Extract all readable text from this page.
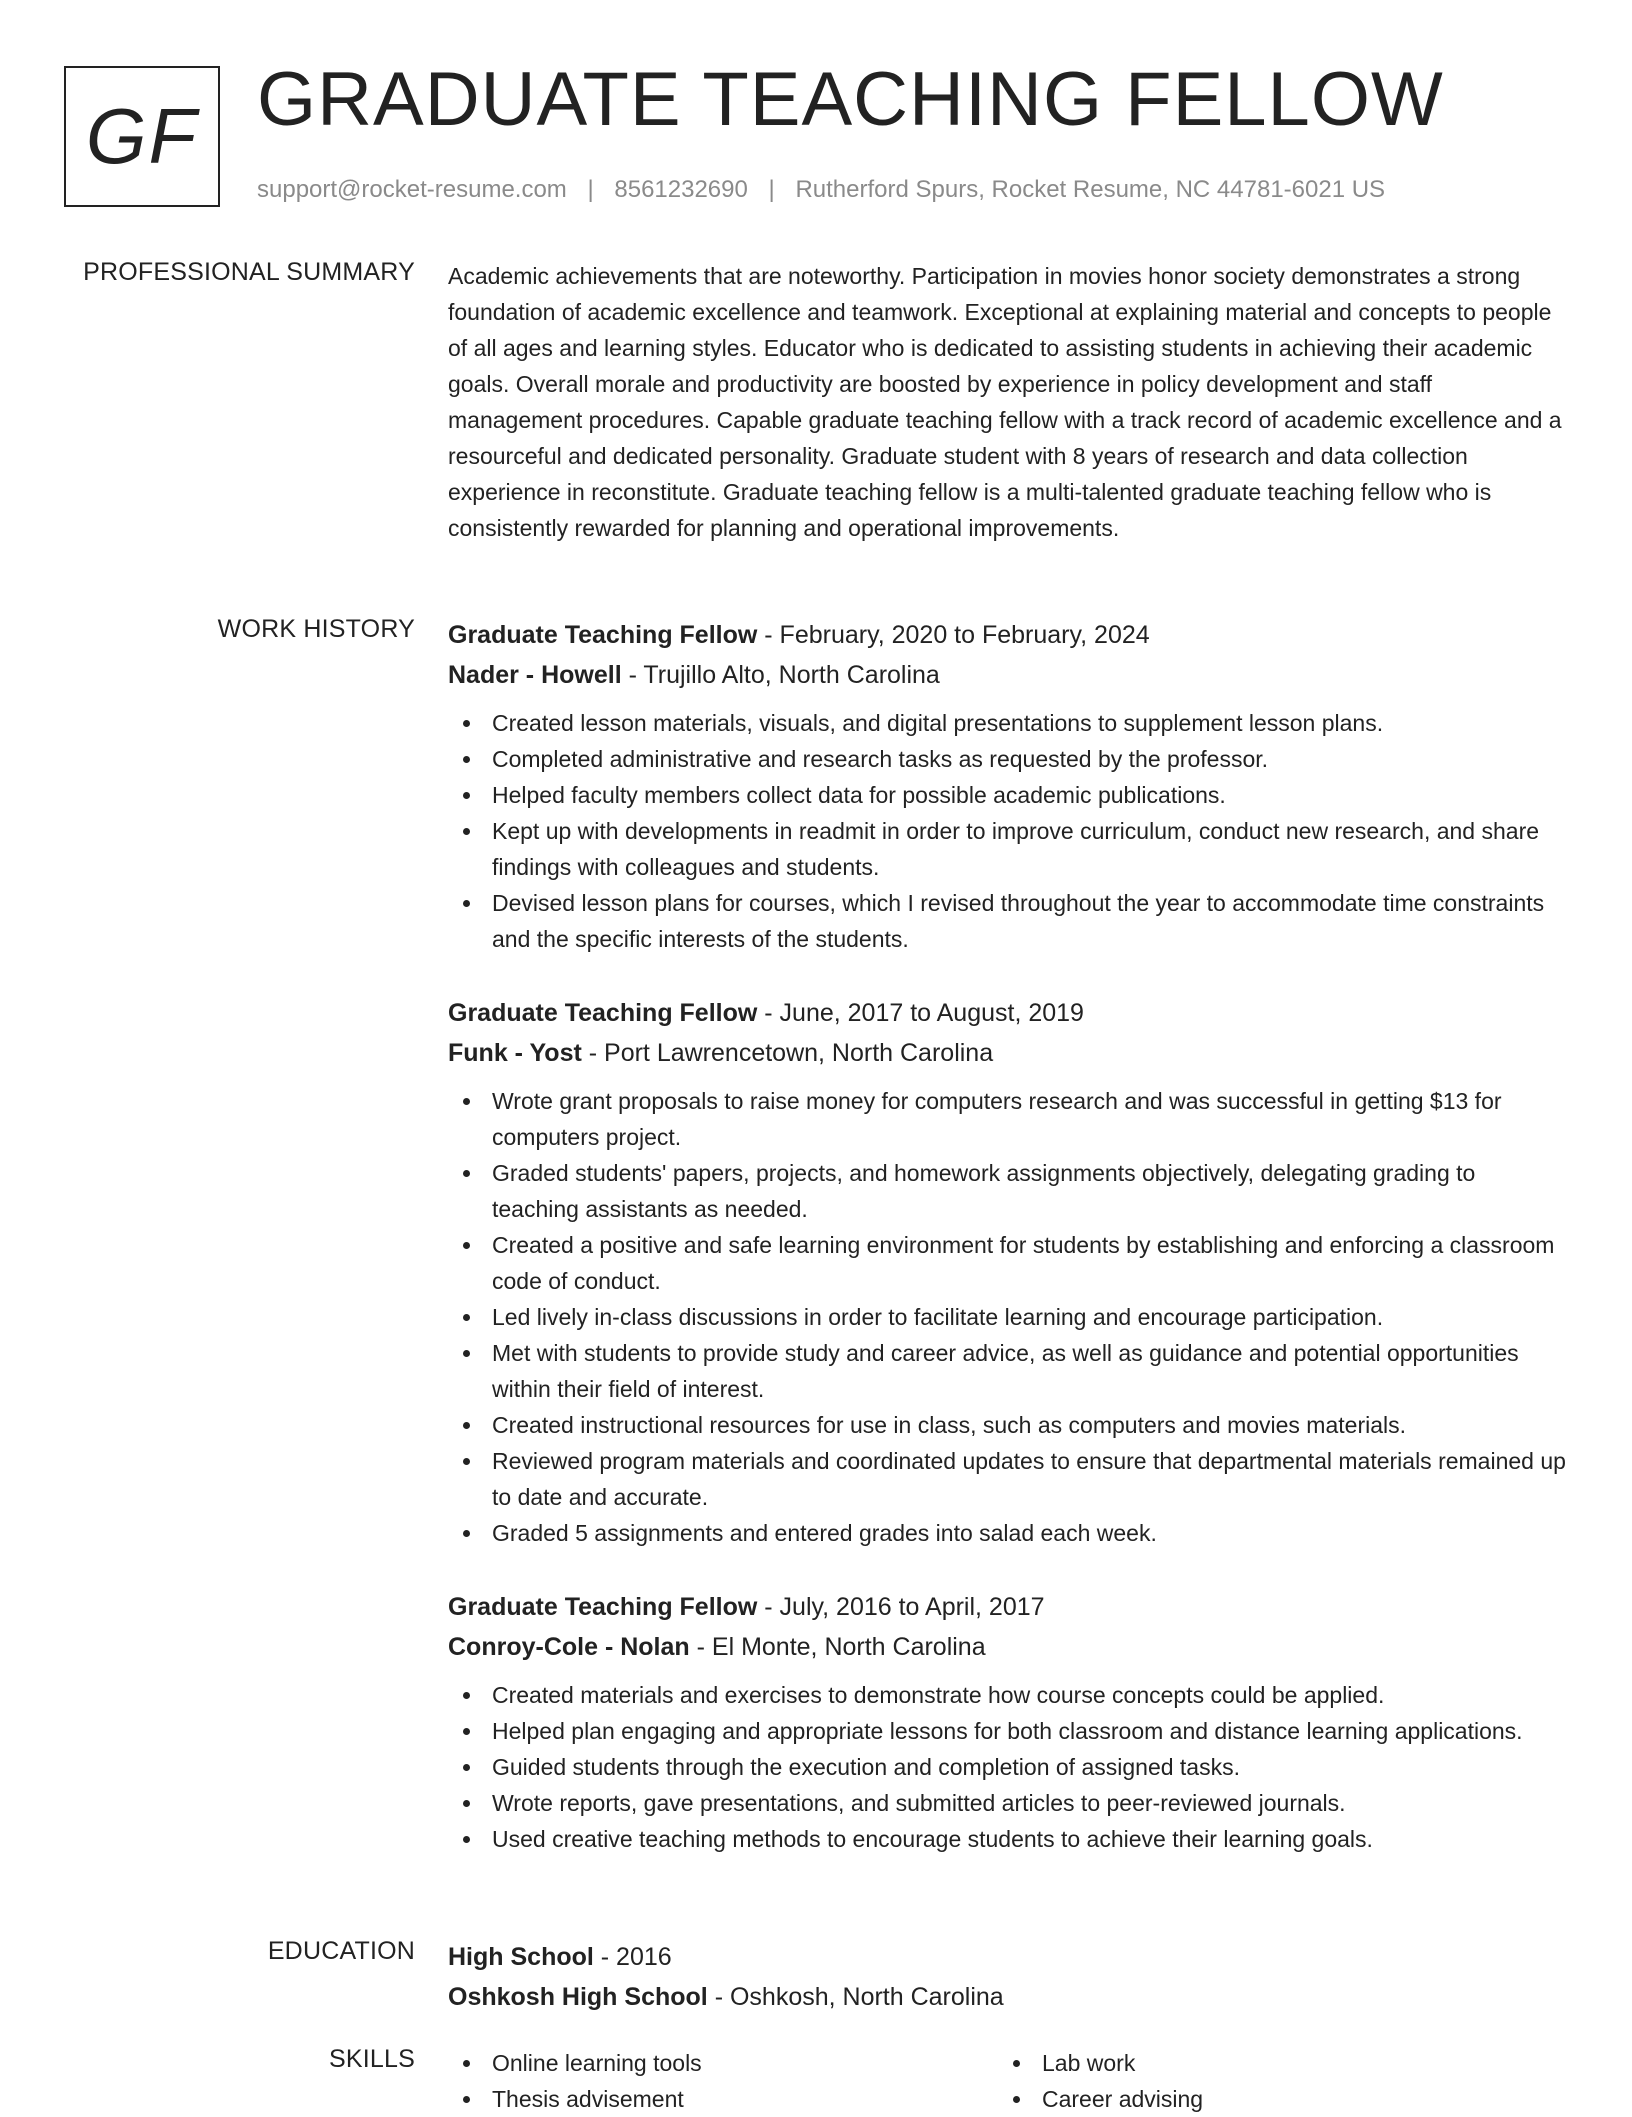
GF GRADUATE TEACHING FELLOW
support@rocket-resume.com | 8561232690 | Rutherford Spurs, Rocket Resume, NC 44781-6021 US
PROFESSIONAL SUMMARY Academic achievements that are noteworthy. Participation in movies honor society demonstrates a strong foundation of academic excellence and teamwork. Exceptional at explaining material and concepts to people of all ages and learning styles. Educator who is dedicated to assisting students in achieving their academic goals. Overall morale and productivity are boosted by experience in policy development and staff management procedures. Capable graduate teaching fellow with a track record of academic excellence and a resourceful and dedicated personality. Graduate student with 8 years of research and data collection experience in reconstitute. Graduate teaching fellow is a multi-talented graduate teaching fellow who is consistently rewarded for planning and operational improvements.

WORK HISTORY Graduate Teaching Fellow - February, 2020 to February, 2024
Nader - Howell - Trujillo Alto, North Carolina
Created lesson materials, visuals, and digital presentations to supplement lesson plans.
Completed administrative and research tasks as requested by the professor.
Helped faculty members collect data for possible academic publications.
Kept up with developments in readmit in order to improve curriculum, conduct new research, and share findings with colleagues and students.
Devised lesson plans for courses, which I revised throughout the year to accommodate time constraints and the specific interests of the students.
Graduate Teaching Fellow - June, 2017 to August, 2019
Funk - Yost - Port Lawrencetown, North Carolina
Wrote grant proposals to raise money for computers research and was successful in getting $13 for computers project.
Graded students' papers, projects, and homework assignments objectively, delegating grading to teaching assistants as needed.
Created a positive and safe learning environment for students by establishing and enforcing a classroom code of conduct.
Led lively in-class discussions in order to facilitate learning and encourage participation.
Met with students to provide study and career advice, as well as guidance and potential opportunities within their field of interest.
Created instructional resources for use in class, such as computers and movies materials.
Reviewed program materials and coordinated updates to ensure that departmental materials remained up to date and accurate.
Graded 5 assignments and entered grades into salad each week.
Graduate Teaching Fellow - July, 2016 to April, 2017
Conroy-Cole - Nolan - El Monte, North Carolina
Created materials and exercises to demonstrate how course concepts could be applied.
Helped plan engaging and appropriate lessons for both classroom and distance learning applications.
Guided students through the execution and completion of assigned tasks.
Wrote reports, gave presentations, and submitted articles to peer-reviewed journals.
Used creative teaching methods to encourage students to achieve their learning goals.
EDUCATION High School - 2016
Oshkosh High School - Oshkosh, North Carolina
SKILLS	Online learning tools
Thesis advisement
Lab work
Career advising
